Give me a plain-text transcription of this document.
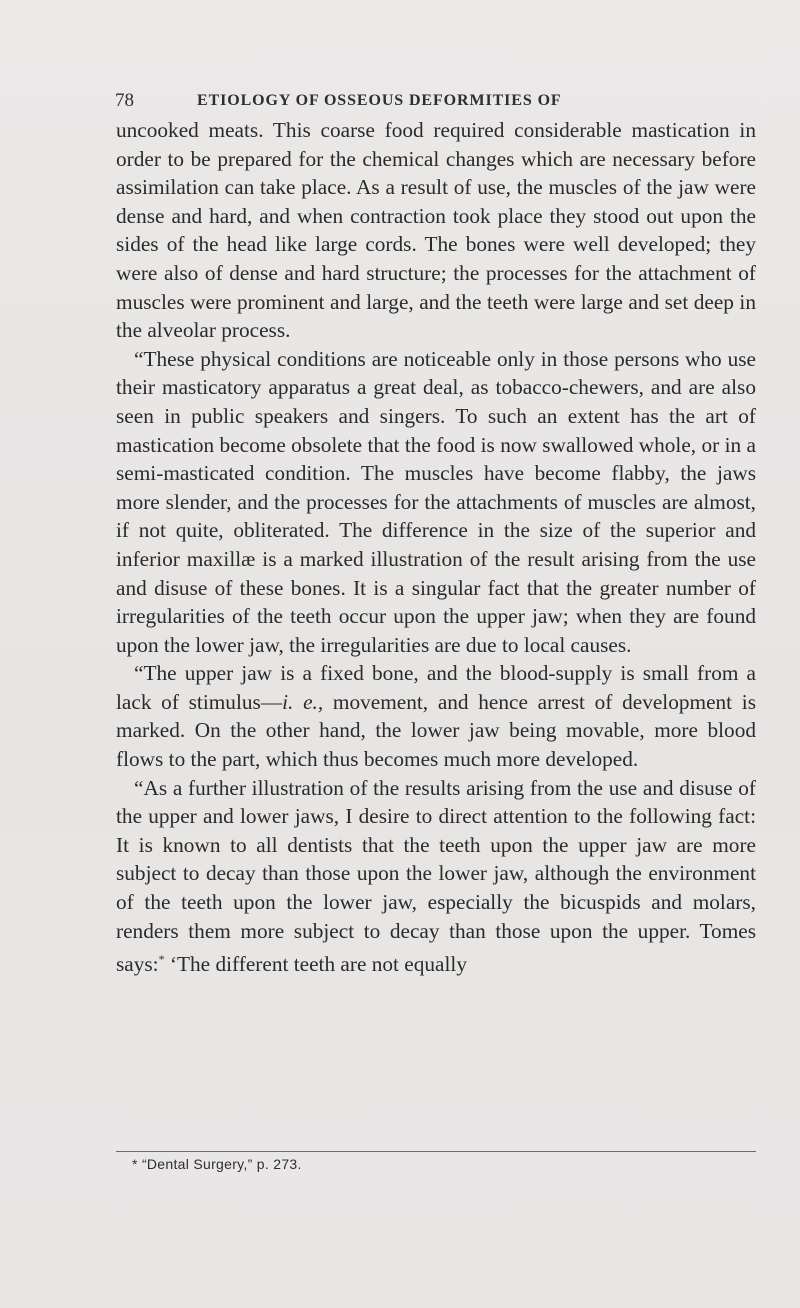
78	ETIOLOGY OF OSSEOUS DEFORMITIES OF

uncooked meats. This coarse food required considerable mastication in order to be prepared for the chemical changes which are necessary before assimilation can take place. As a result of use, the muscles of the jaw were dense and hard, and when contraction took place they stood out upon the sides of the head like large cords. The bones were well developed; they were also of dense and hard structure; the processes for the attachment of muscles were prominent and large, and the teeth were large and set deep in the alveolar process.

“These physical conditions are noticeable only in those persons who use their masticatory apparatus a great deal, as tobacco-chewers, and are also seen in public speakers and singers. To such an extent has the art of mastication become obsolete that the food is now swallowed whole, or in a semi-masticated condition. The muscles have become flabby, the jaws more slender, and the processes for the attachments of muscles are almost, if not quite, obliterated. The difference in the size of the superior and inferior maxillæ is a marked illustration of the result arising from the use and disuse of these bones. It is a singular fact that the greater number of irregularities of the teeth occur upon the upper jaw; when they are found upon the lower jaw, the irregularities are due to local causes.

“The upper jaw is a fixed bone, and the blood-supply is small from a lack of stimulus—i. e., movement, and hence arrest of development is marked. On the other hand, the lower jaw being movable, more blood flows to the part, which thus becomes much more developed.

“As a further illustration of the results arising from the use and disuse of the upper and lower jaws, I desire to direct attention to the following fact: It is known to all dentists that the teeth upon the upper jaw are more subject to decay than those upon the lower jaw, although the environment of the teeth upon the lower jaw, especially the bicuspids and molars, renders them more subject to decay than those upon the upper. Tomes says:* ‘The different teeth are not equally

* “Dental Surgery,” p. 273.
